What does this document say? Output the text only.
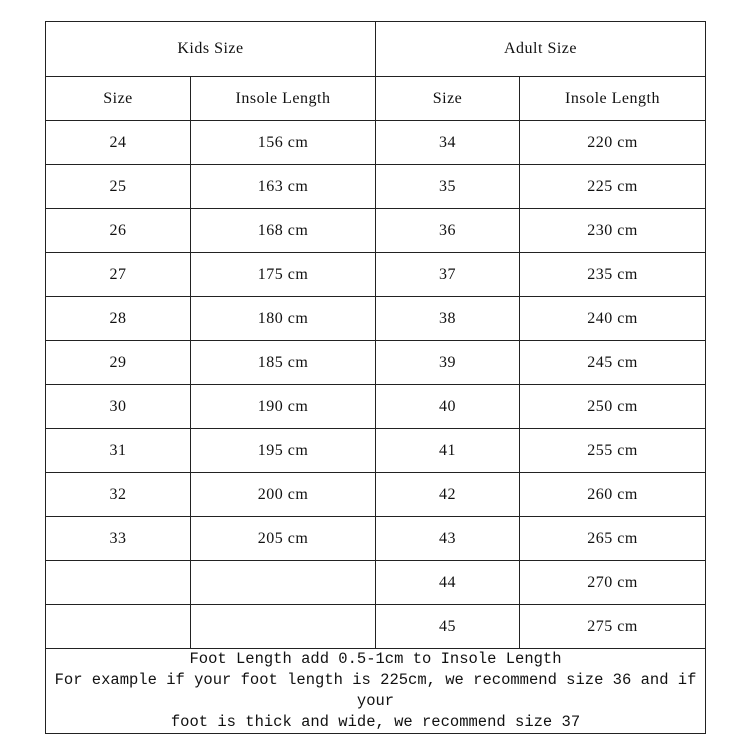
Kids Size		Adult Size	
Size	Insole Length	Size	Insole Length
24	156 cm	34	220 cm
25	163 cm	35	225 cm
26	168 cm	36	230 cm
27	175 cm	37	235 cm
28	180 cm	38	240 cm
29	185 cm	39	245 cm
30	190 cm	40	250 cm
31	195 cm	41	255 cm
32	200 cm	42	260 cm
33	205 cm	43	265 cm
		44	270 cm
		45	275 cm

Foot Length add 0.5-1cm to Insole Length
For example if your foot length is 225cm, we recommend size 36 and if your
foot is thick and wide, we recommend size 37			
